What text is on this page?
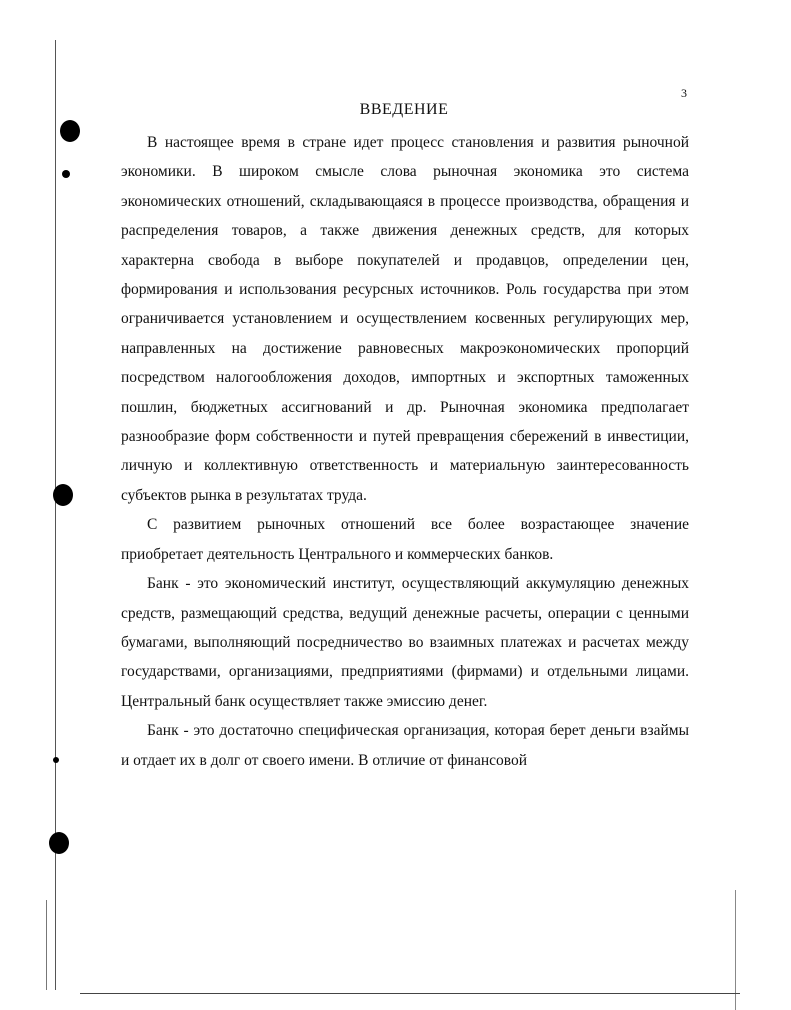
3
ВВЕДЕНИЕ

В настоящее время в стране идет процесс становления и развития рыночной экономики. В широком смысле слова рыночная экономика это система экономических отношений, складывающаяся в процессе производства, обращения и распределения товаров, а также движения денежных средств, для которых характерна свобода в выборе покупателей и продавцов, определении цен, формирования и использования ресурсных источников. Роль государства при этом ограничивается установлением и осуществлением косвенных регулирующих мер, направленных на достижение равновесных макроэкономических пропорций посредством налогообложения доходов, импортных и экспортных таможенных пошлин, бюджетных ассигнований и др. Рыночная экономика предполагает разнообразие форм собственности и путей превращения сбережений в инвестиции, личную и коллективную ответственность и материальную заинтересованность субъектов рынка в результатах труда.

С развитием рыночных отношений все более возрастающее значение приобретает деятельность Центрального и коммерческих банков.

Банк - это экономический институт, осуществляющий аккумуляцию денежных средств, размещающий средства, ведущий денежные расчеты, операции с ценными бумагами, выполняющий посредничество во взаимных платежах и расчетах между государствами, организациями, предприятиями (фирмами) и отдельными лицами. Центральный банк осуществляет также эмиссию денег.

Банк - это достаточно специфическая организация, которая берет деньги взаймы и отдает их в долг от своего имени. В отличие от финансовой
